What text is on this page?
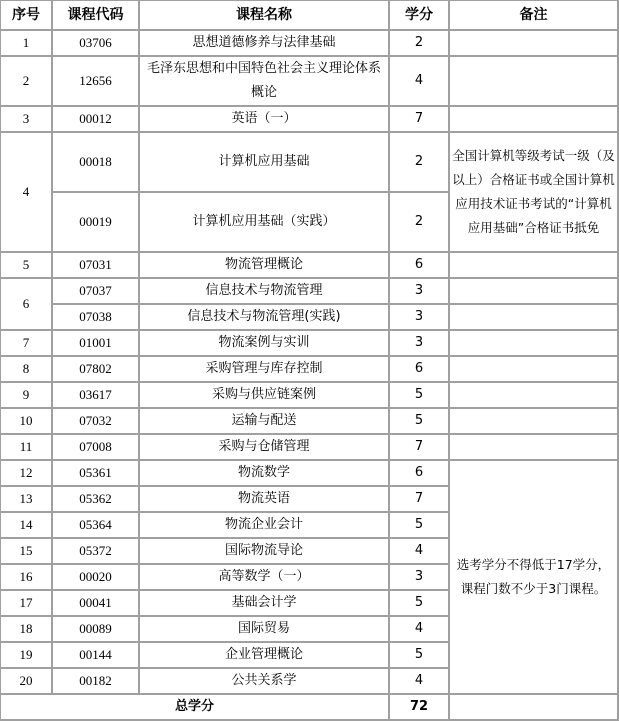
序号	课程代码	课程名称	学分	备注
1	03706	思想道德修养与法律基础	2	
2	12656	毛泽东思想和中国特色社会主义理论体系概论	4	
3	00012	英语（一）	7	
4	00018	计算机应用基础	2	全国计算机等级考试一级（及以上）合格证书或全国计算机应用技术证书考试的“计算机应用基础”合格证书抵免
	00019	计算机应用基础（实践）	2	
5	07031	物流管理概论	6	
6	07037	信息技术与物流管理	3	
	07038	信息技术与物流管理(实践)	3	
7	01001	物流案例与实训	3	
8	07802	采购管理与库存控制	6	
9	03617	采购与供应链案例	5	
10	07032	运输与配送	5	
11	07008	采购与仓储管理	7	
12	05361	物流数学	6	选考学分不得低于17学分，课程门数不少于3门课程。
13	05362	物流英语	7	
14	05364	物流企业会计	5	
15	05372	国际物流导论	4	
16	00020	高等数学（一）	3	
17	00041	基础会计学	5	
18	00089	国际贸易	4	
19	00144	企业管理概论	5	
20	00182	公共关系学	4	
总学分			72	
